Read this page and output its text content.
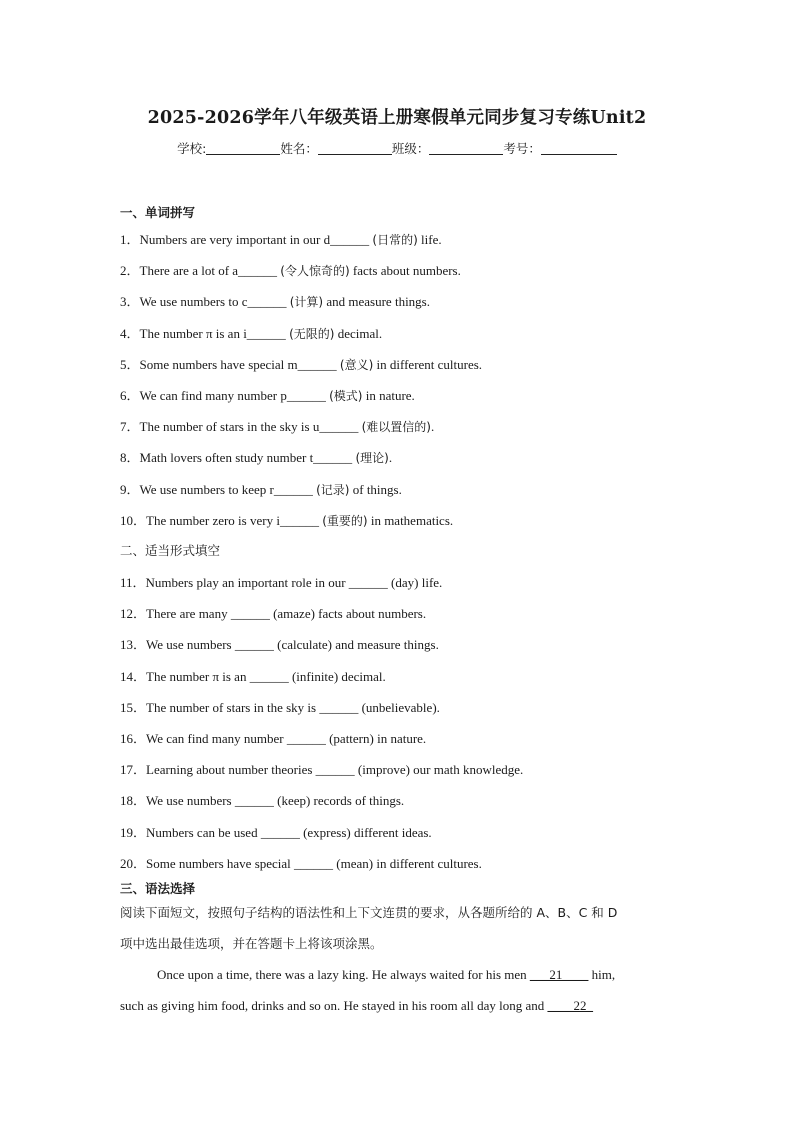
2025-2026学年八年级英语上册寒假单元同步复习专练Unit2
学校:	姓名：	班级：	考号：
一、单词拼写
二、适当形式填空
三、语法选择
阅读下面短文，按照句子结构的语法性和上下文连贯的要求，从各题所给的 A、B、C 和 D
项中选出最佳选项，并在答题卡上将该项涂黑。
Once upon a time, there was a lazy king. He always waited for his men ___21____ him,
such as giving him food, drinks and so on. He stayed in his room all day long and ____22_
1．Numbers are very important in our d______ (日常的) life.
2．There are a lot of a______ (令人惊奇的) facts about numbers.
3．We use numbers to c______ (计算) and measure things.
4．The number π is an i______ (无限的) decimal.
5．Some numbers have special m______ (意义) in different cultures.
6．We can find many number p______ (模式) in nature.
7．The number of stars in the sky is u______ (难以置信的).
8．Math lovers often study number t______ (理论).
9．We use numbers to keep r______ (记录) of things.
10．The number zero is very i______ (重要的) in mathematics.
11．Numbers play an important role in our ______ (day) life.
12．There are many ______ (amaze) facts about numbers.
13．We use numbers ______ (calculate) and measure things.
14．The number π is an ______ (infinite) decimal.
15．The number of stars in the sky is ______ (unbelievable).
16．We can find many number ______ (pattern) in nature.
17．Learning about number theories ______ (improve) our math knowledge.
18．We use numbers ______ (keep) records of things.
19．Numbers can be used ______ (express) different ideas.
20．Some numbers have special ______ (mean) in different cultures.
